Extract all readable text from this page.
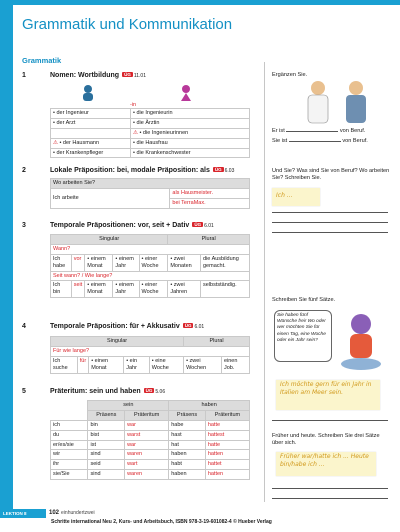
Grammatik und Kommunikation
Grammatik
1	Nomen: Wortbildung ÜG 11.01
-in
• der Ingenieur	• die Ingenieurin
• der Arzt	• die Ärztin
	⚠ • die Ingenieurinnen
⚠ • der Hausmann	• die Hausfrau
• der Krankenpfleger	• die Krankenschwester
2	Lokale Präposition: bei, modale Präposition: als ÜG 6.03
Wo arbeiten Sie?
Ich arbeite	als Hausmeister.
bei TerraMax.
3	Temporale Präpositionen: vor, seit + Dativ ÜG 6.01
Singular					Plural	
Wann?						
Ich habe	vor	• einem Monat	• einem Jahr	• einer Woche	• zwei Monaten	die Ausbildung gemacht.
Seit wann? / Wie lange?						
Ich bin	seit	• einem Monat	• einem Jahr	• einer Woche	• zwei Jahren	selbstständig.
4	Temporale Präposition: für + Akkusativ ÜG 6.01
Singular					Plural	
Für wie lange?						
Ich suche	für	• einen Monat	• ein Jahr	• eine Woche	• zwei Wochen	einen Job.
5	Präteritum: sein und haben ÜG 5.06
	sein		haben	
	Präsens	Präteritum	Präsens	Präteritum
ich	bin	war	habe	hatte
du	bist	warst	hast	hattest
er/es/sie	ist	war	hat	hatte
wir	sind	waren	haben	hatten
ihr	seid	wart	habt	hattet
sie/Sie	sind	waren	haben	hatten
Ergänzen Sie.
Er ist	von Beruf.
Sie ist	von Beruf.
Und Sie? Was sind Sie von Beruf? Wo arbeiten Sie? Schreiben Sie.
Ich ...
Schreiben Sie fünf Sätze.
Sie haben fünf Wünsche frei! Wo oder wer möchten Sie für einen Tag, eine Woche oder ein Jahr sein?
Ich möchte gern für ein Jahr in Italien am Meer sein.
Früher und heute. Schreiben Sie drei Sätze über sich.
Früher war/hatte ich ... Heute bin/habe ich ...
LEKTION 8	102 einhundertzwei
Schritte international Neu 2, Kurs- und Arbeitsbuch, ISBN 978-3-19-601082-4 © Hueber Verlag
